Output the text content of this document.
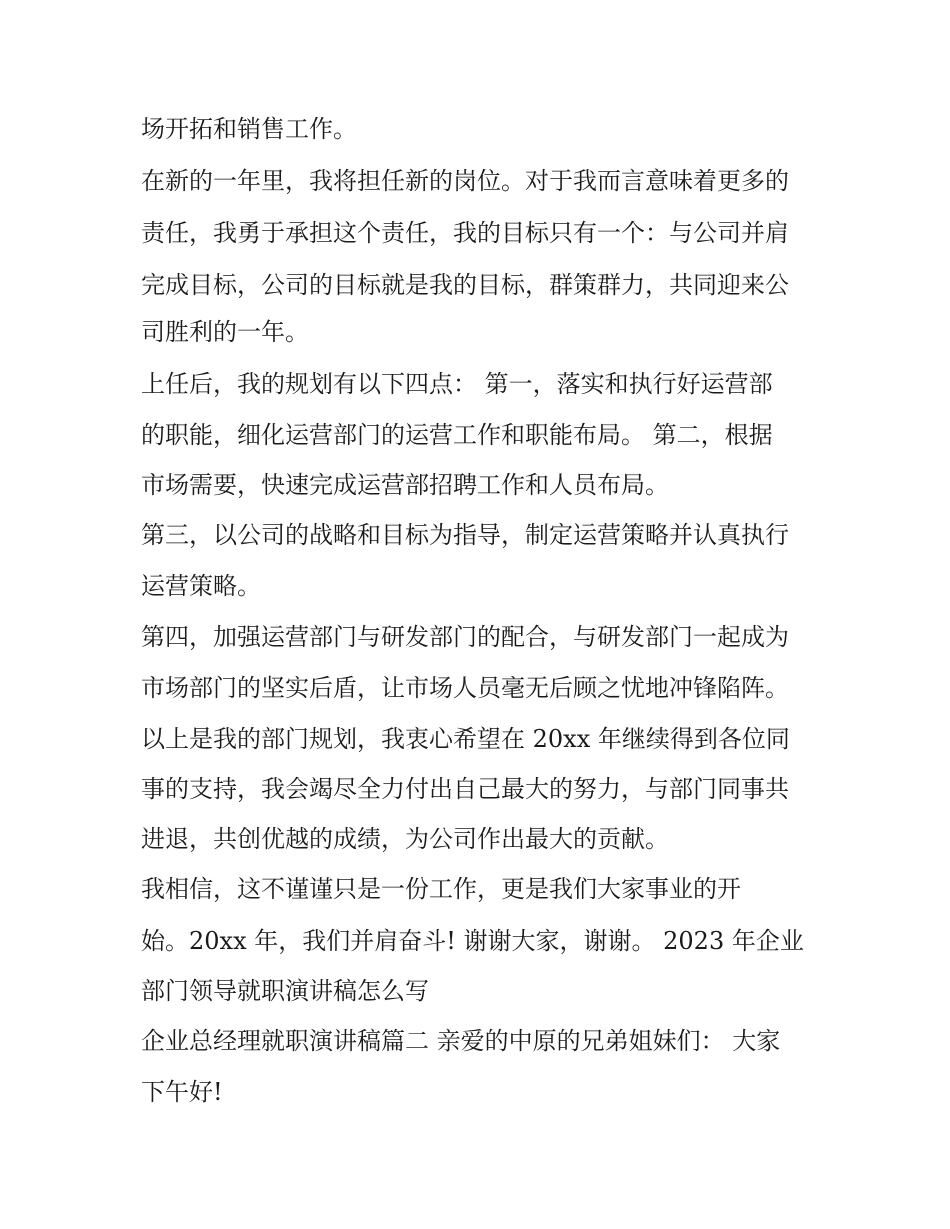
场开拓和销售工作。

在新的一年里，我将担任新的岗位。对于我而言意味着更多的

责任，我勇于承担这个责任，我的目标只有一个：与公司并肩

完成目标，公司的目标就是我的目标，群策群力，共同迎来公

司胜利的一年。

上任后，我的规划有以下四点： 第一，落实和执行好运营部

的职能，细化运营部门的运营工作和职能布局。 第二，根据

市场需要，快速完成运营部招聘工作和人员布局。

第三，以公司的战略和目标为指导，制定运营策略并认真执行

运营策略。

第四，加强运营部门与研发部门的配合，与研发部门一起成为

市场部门的坚实后盾，让市场人员毫无后顾之忧地冲锋陷阵。

以上是我的部门规划，我衷心希望在 20xx 年继续得到各位同

事的支持，我会竭尽全力付出自己最大的努力，与部门同事共

进退，共创优越的成绩，为公司作出最大的贡献。

我相信，这不谨谨只是一份工作，更是我们大家事业的开

始。20xx 年，我们并肩奋斗! 谢谢大家，谢谢。 2023 年企业

部门领导就职演讲稿怎么写

企业总经理就职演讲稿篇二 亲爱的中原的兄弟姐妹们： 大家

下午好!
